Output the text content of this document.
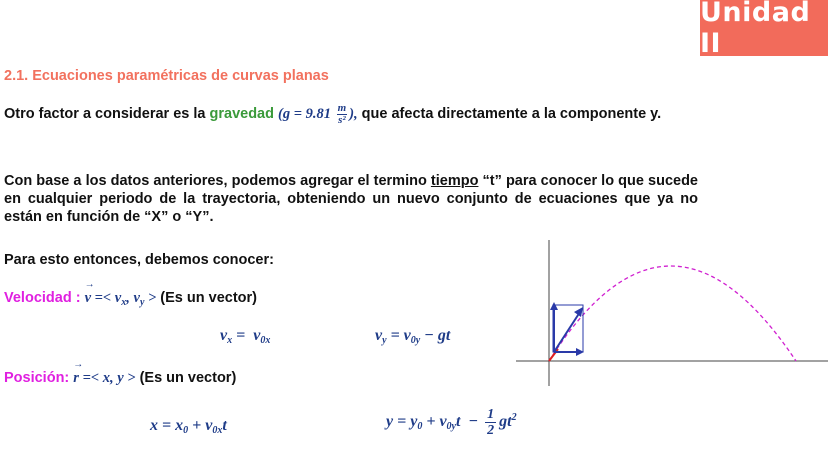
Unidad II
2.1. Ecuaciones paramétricas de curvas planas
Otro factor a considerar es la gravedad ($g = 9.81 \frac{m}{\text{s²}}$ ), que afecta directamente a la componente y.
Con base a los datos anteriores, podemos agregar el termino tiempo “t” para conocer lo que sucede en cualquier periodo de la trayectoria, obteniendo un nuevo conjunto de ecuaciones que ya no están en función de “X” o “Y”.
Para esto entonces, debemos conocer:
Velocidad : → $v =< v_x$, $v_y > (Es$ un vector)
$v_x = v_{0x}$	$v_y = v_{0y}$ − gt
Posición: → r =< x, y > (Es un vector)
$x = x_0 + v_{0x}t$	$y = y_0 + v_{0y}t - \frac{1}{2} gt^2$
